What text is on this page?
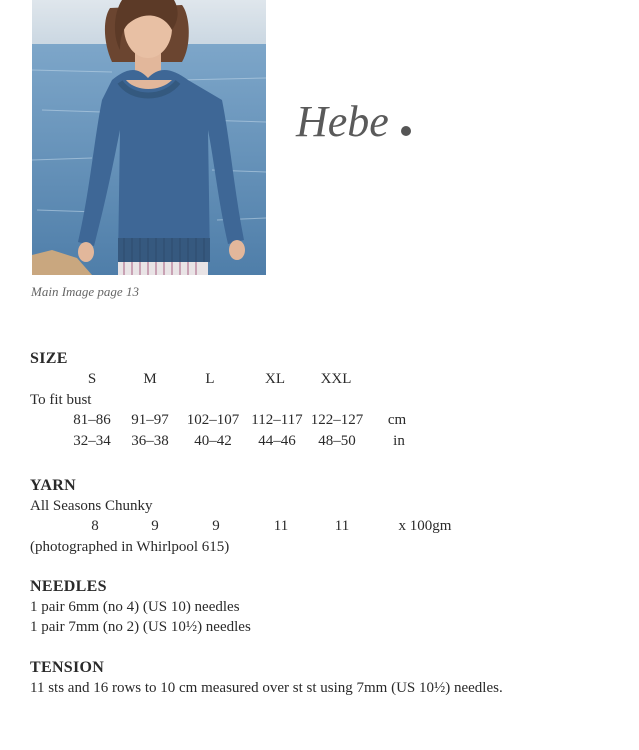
Main Image page 13
Hebe
SIZE
S	M	L	XL	XXL
To fit bust
81–86	91–97	102–107 112–117 122–127	cm
32–34	36–38	40–42	44–46	48–50	in
YARN
All Seasons Chunky
8	9	9	11	11	x 100gm
(photographed in Whirlpool 615)
NEEDLES
1 pair 6mm (no 4) (US 10) needles
1 pair 7mm (no 2) (US 10½) needles
TENSION
11 sts and 16 rows to 10 cm measured over st st using 7mm (US 10½) needles.
